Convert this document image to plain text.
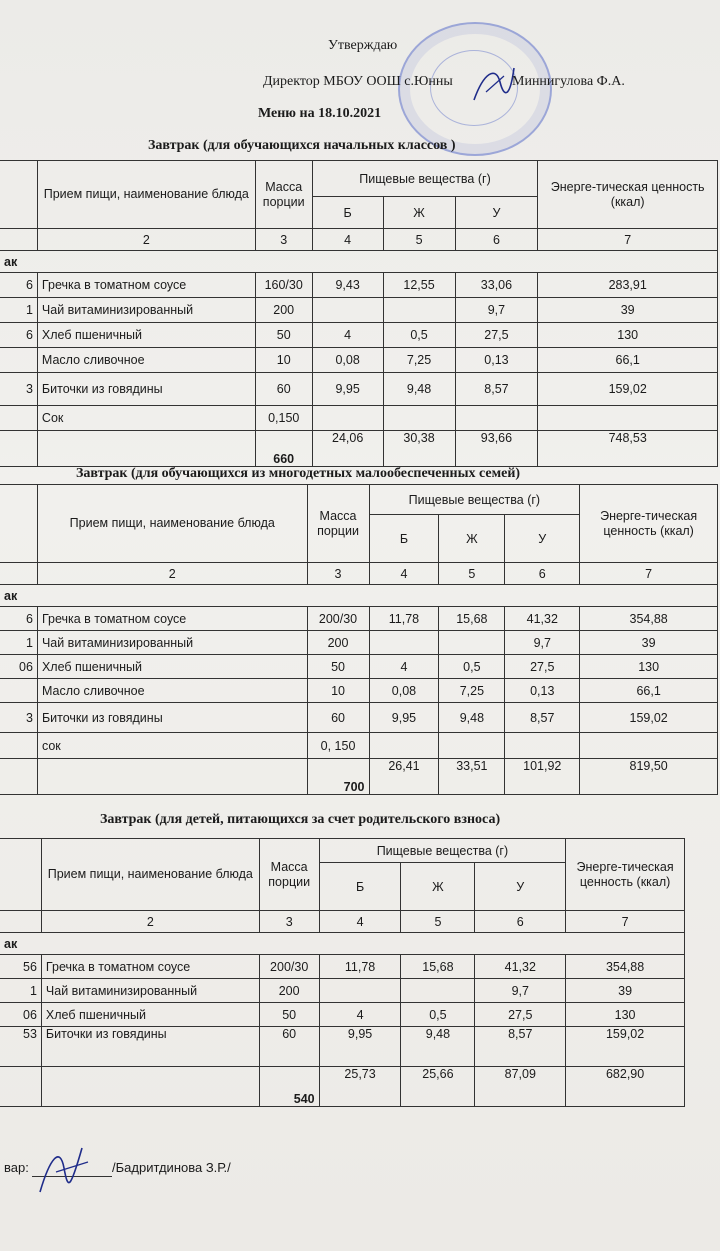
Утверждаю
Директор МБОУ ООШ с.Юнны	Миннигулова Ф.А.
Меню на 18.10.2021
Завтрак (для обучающихся начальных классов )
	Прием пищи, наименование блюда	Масса порции	Пищевые вещества (г)			Энерге-тическая ценность (ккал)
			Б	Ж	У	
	2	3	4	5	6	7
ак						
6	Гречка в томатном соусе	160/30	9,43	12,55	33,06	283,91
1	Чай витаминизированный	200			9,7	39
6	Хлеб пшеничный	50	4	0,5	27,5	130
	Масло сливочное	10	0,08	7,25	0,13	66,1
3	Биточки из говядины	60	9,95	9,48	8,57	159,02
	Сок	0,150				
		660	24,06	30,38	93,66	748,53
Завтрак (для обучающихся из многодетных малообеспеченных семей)
	Прием пищи, наименование блюда	Масса порции	Пищевые вещества (г)			Энерге-тическая ценность (ккал)
			Б	Ж	У	
	2	3	4	5	6	7
ак						
6	Гречка в томатном соусе	200/30	11,78	15,68	41,32	354,88
1	Чай витаминизированный	200			9,7	39
06	Хлеб пшеничный	50	4	0,5	27,5	130
	Масло сливочное	10	0,08	7,25	0,13	66,1
3	Биточки из говядины	60	9,95	9,48	8,57	159,02
	сок	0, 150				
		700	26,41	33,51	101,92	819,50
Завтрак (для детей, питающихся за счет родительского взноса)
	Прием пищи, наименование блюда	Масса порции	Пищевые вещества (г)			Энерге-тическая ценность (ккал)
			Б	Ж	У	
	2	3	4	5	6	7
ак						
56	Гречка в томатном соусе	200/30	11,78	15,68	41,32	354,88
1	Чай витаминизированный	200			9,7	39
06	Хлеб пшеничный	50	4	0,5	27,5	130
53	Биточки из говядины	60	9,95	9,48	8,57	159,02
		540	25,73	25,66	87,09	682,90
вар:	/Бадритдинова З.Р./
